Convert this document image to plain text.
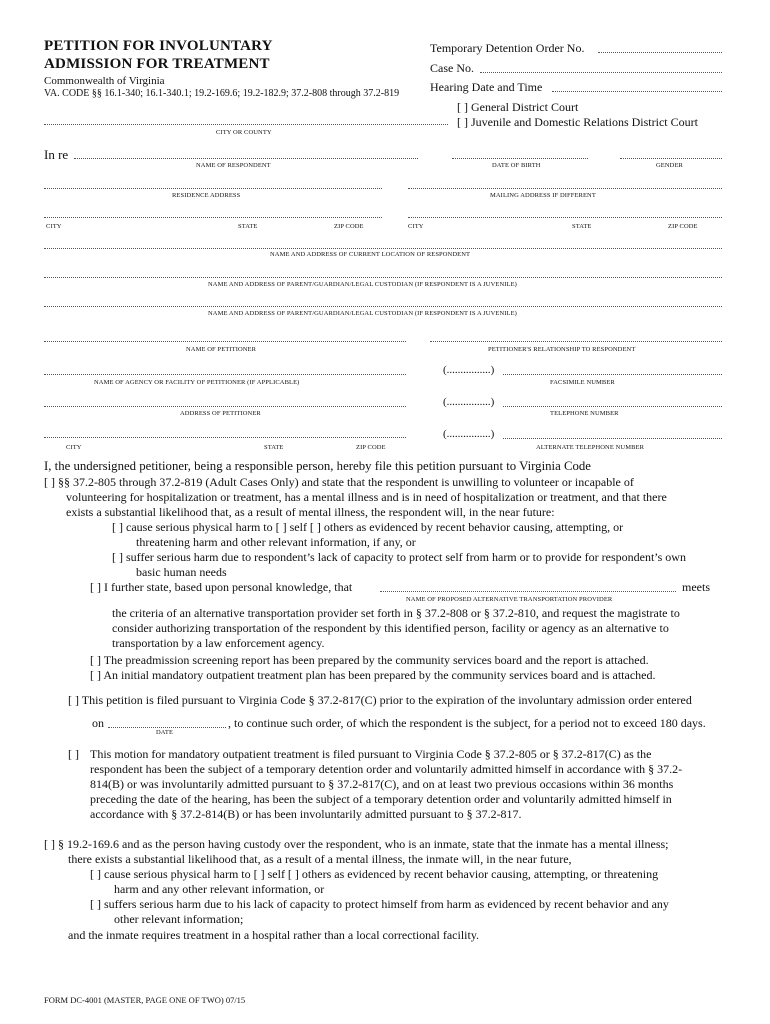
PETITION FOR INVOLUNTARY
ADMISSION FOR TREATMENT
Commonwealth of Virginia
VA. CODE §§ 16.1-340; 16.1-340.1; 19.2-169.6; 19.2-182.9; 37.2-808 through 37.2-819
Temporary Detention Order No.
Case No.
Hearing Date and Time
[ ] General District Court
[ ] Juvenile and Domestic Relations District Court
CITY OR COUNTY
In re
NAME OF RESPONDENT	DATE OF BIRTH	GENDER
RESIDENCE ADDRESS	MAILING ADDRESS IF DIFFERENT
CITY	STATE	ZIP CODE	CITY	STATE	ZIP CODE
NAME AND ADDRESS OF CURRENT LOCATION OF RESPONDENT
NAME AND ADDRESS OF PARENT/GUARDIAN/LEGAL CUSTODIAN (IF RESPONDENT IS A JUVENILE)
NAME AND ADDRESS OF PARENT/GUARDIAN/LEGAL CUSTODIAN (IF RESPONDENT IS A JUVENILE)
NAME OF PETITIONER	PETITIONER'S RELATIONSHIP TO RESPONDENT
(................)
NAME OF AGENCY OR FACILITY OF PETITIONER (IF APPLICABLE)	FACSIMILE NUMBER
(................)
ADDRESS OF PETITIONER	TELEPHONE NUMBER
(................)
CITY	STATE	ZIP CODE	ALTERNATE TELEPHONE NUMBER
I, the undersigned petitioner, being a responsible person, hereby file this petition pursuant to Virginia Code
[ ] §§ 37.2-805 through 37.2-819 (Adult Cases Only) and state that the respondent is unwilling to volunteer or incapable of
volunteering for hospitalization or treatment, has a mental illness and is in need of hospitalization or treatment, and that there
exists a substantial likelihood that, as a result of mental illness, the respondent will, in the near future:
[ ] cause serious physical harm to [ ] self [ ] others as evidenced by recent behavior causing, attempting, or
threatening harm and other relevant information, if any, or
[ ] suffer serious harm due to respondent’s lack of capacity to protect self from harm or to provide for respondent’s own
basic human needs
[ ] I further state, based upon personal knowledge, that	meets
NAME OF PROPOSED ALTERNATIVE TRANSPORTATION PROVIDER
the criteria of an alternative transportation provider set forth in § 37.2-808 or § 37.2-810, and request the magistrate to
consider authorizing transportation of the respondent by this identified person, facility or agency as an alternative to
transportation by a law enforcement agency.
[ ] The preadmission screening report has been prepared by the community services board and the report is attached.
[ ] An initial mandatory outpatient treatment plan has been prepared by the community services board and is attached.
[ ] This petition is filed pursuant to Virginia Code § 37.2-817(C) prior to the expiration of the involuntary admission order entered
on	, to continue such order, of which the respondent is the subject, for a period not to exceed 180 days.
DATE
[ ] This motion for mandatory outpatient treatment is filed pursuant to Virginia Code § 37.2-805 or § 37.2-817(C) as the
respondent has been the subject of a temporary detention order and voluntarily admitted himself in accordance with § 37.2-
814(B) or was involuntarily admitted pursuant to § 37.2-817(C), and on at least two previous occasions within 36 months
preceding the date of the hearing, has been the subject of a temporary detention order and voluntarily admitted himself in
accordance with § 37.2-814(B) or has been involuntarily admitted pursuant to § 37.2-817.
[ ] § 19.2-169.6 and as the person having custody over the respondent, who is an inmate, state that the inmate has a mental illness;
there exists a substantial likelihood that, as a result of a mental illness, the inmate will, in the near future,
[ ] cause serious physical harm to [ ] self [ ] others as evidenced by recent behavior causing, attempting, or threatening
harm and any other relevant information, or
[ ] suffers serious harm due to his lack of capacity to protect himself from harm as evidenced by recent behavior and any
other relevant information;
and the inmate requires treatment in a hospital rather than a local correctional facility.
FORM DC-4001 (MASTER, PAGE ONE OF TWO) 07/15
